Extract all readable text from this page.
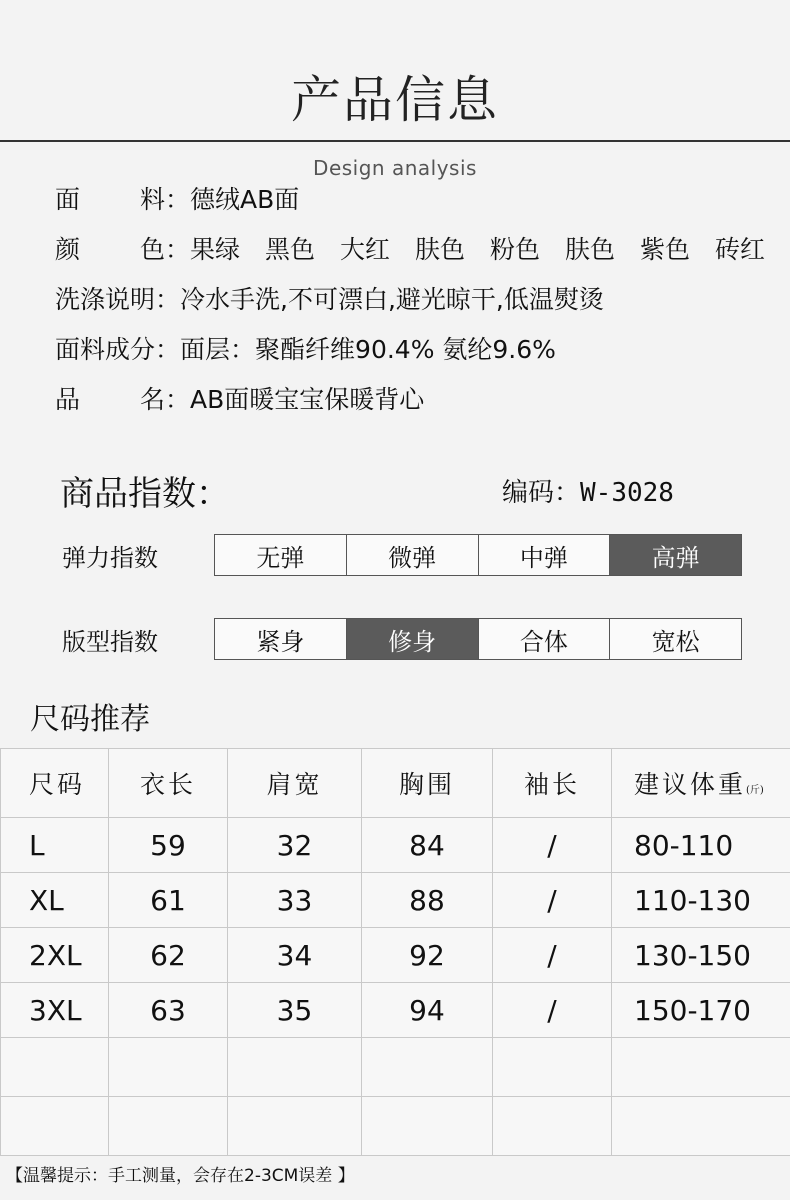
产品信息
Design analysis
面 料 ：德绒AB面
颜 色 ：果绿　黑色　大红　肤色　粉色　肤色　紫色　砖红
洗涤说明：冷水手洗,不可漂白,避光晾干,低温熨烫
面料成分：面层：聚酯纤维90.4% 氨纶9.6%
品 名 ：AB面暖宝宝保暖背心
商品指数：	编码：W-3028
弹力指数	无弹	微弹	中弹	高弹
版型指数	紧身	修身	合体	宽松
尺码推荐
尺码	衣长	肩宽	胸围	袖长	建议体重(斤)
L	59	32	84	/	80-110
XL	61	33	88	/	110-130
2XL	62	34	92	/	130-150
3XL	63	35	94	/	150-170

【温馨提示：手工测量，会存在2-3CM误差 】
